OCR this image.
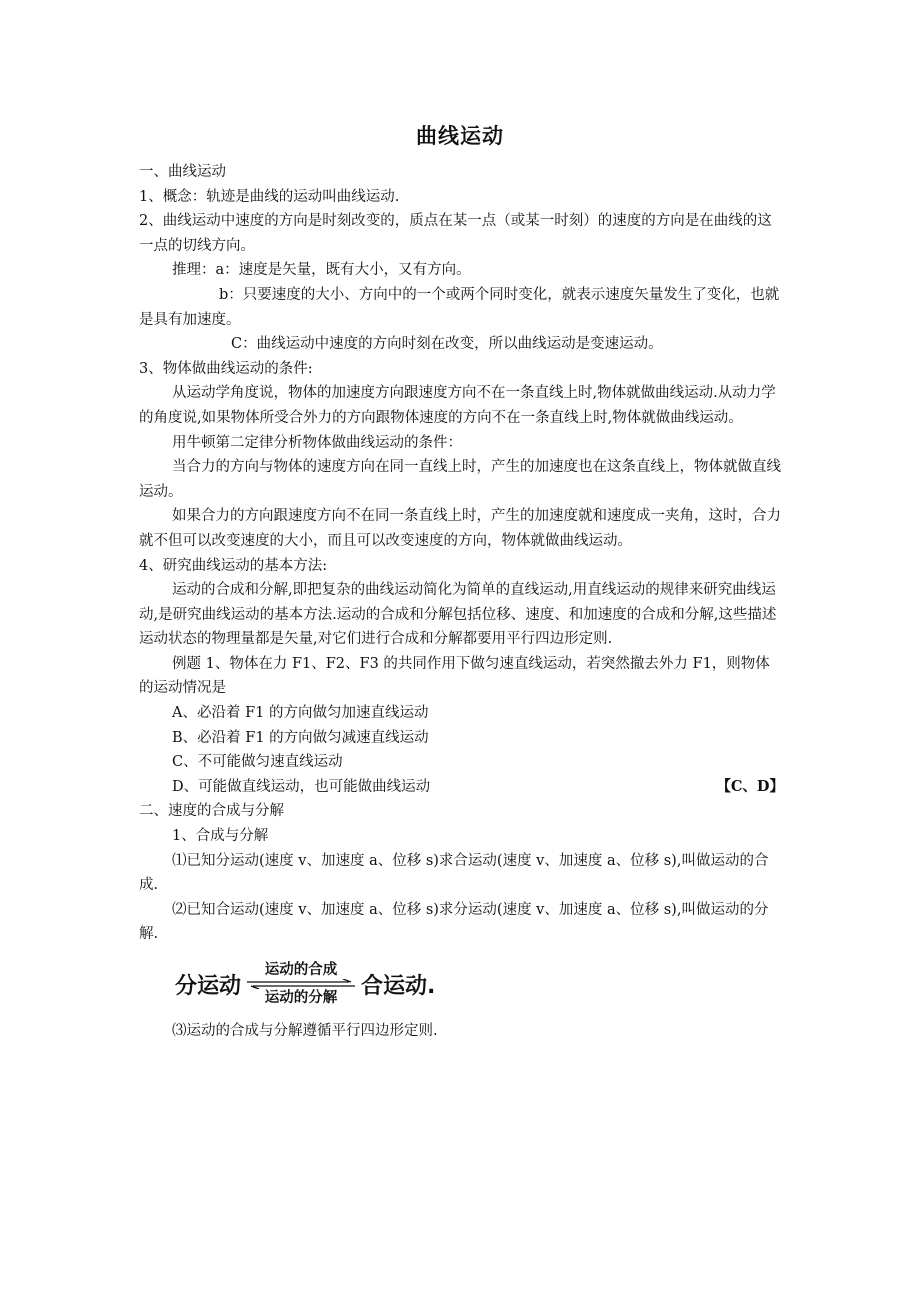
曲线运动

一、曲线运动

1、概念：轨迹是曲线的运动叫曲线运动.

2、曲线运动中速度的方向是时刻改变的，质点在某一点（或某一时刻）的速度的方向是在曲线的这一点的切线方向。

推理：a：速度是矢量，既有大小，又有方向。

b：只要速度的大小、方向中的一个或两个同时变化，就表示速度矢量发生了变化，也就是具有加速度。

C：曲线运动中速度的方向时刻在改变，所以曲线运动是变速运动。

3、物体做曲线运动的条件:

从运动学角度说，物体的加速度方向跟速度方向不在一条直线上时,物体就做曲线运动.从动力学的角度说,如果物体所受合外力的方向跟物体速度的方向不在一条直线上时,物体就做曲线运动。

用牛顿第二定律分析物体做曲线运动的条件：

当合力的方向与物体的速度方向在同一直线上时，产生的加速度也在这条直线上，物体就做直线运动。

如果合力的方向跟速度方向不在同一条直线上时，产生的加速度就和速度成一夹角，这时，合力就不但可以改变速度的大小，而且可以改变速度的方向，物体就做曲线运动。

4、研究曲线运动的基本方法:

运动的合成和分解,即把复杂的曲线运动简化为简单的直线运动,用直线运动的规律来研究曲线运动,是研究曲线运动的基本方法.运动的合成和分解包括位移、速度、和加速度的合成和分解,这些描述运动状态的物理量都是矢量,对它们进行合成和分解都要用平行四边形定则.

例题 1、物体在力 F1、F2、F3 的共同作用下做匀速直线运动，若突然撤去外力 F1，则物体的运动情况是

A、必沿着 F1 的方向做匀加速直线运动

B、必沿着 F1 的方向做匀减速直线运动

C、不可能做匀速直线运动

D、可能做直线运动，也可能做曲线运动	【C、D】

二、速度的合成与分解

1、合成与分解

⑴已知分运动(速度 v、加速度 a、位移 s)求合运动(速度 v、加速度 a、位移 s),叫做运动的合成.

⑵已知合运动(速度 v、加速度 a、位移 s)求分运动(速度 v、加速度 a、位移 s),叫做运动的分解.

分运动
运动的合成
运动的分解 合运动.

⑶运动的合成与分解遵循平行四边形定则.
